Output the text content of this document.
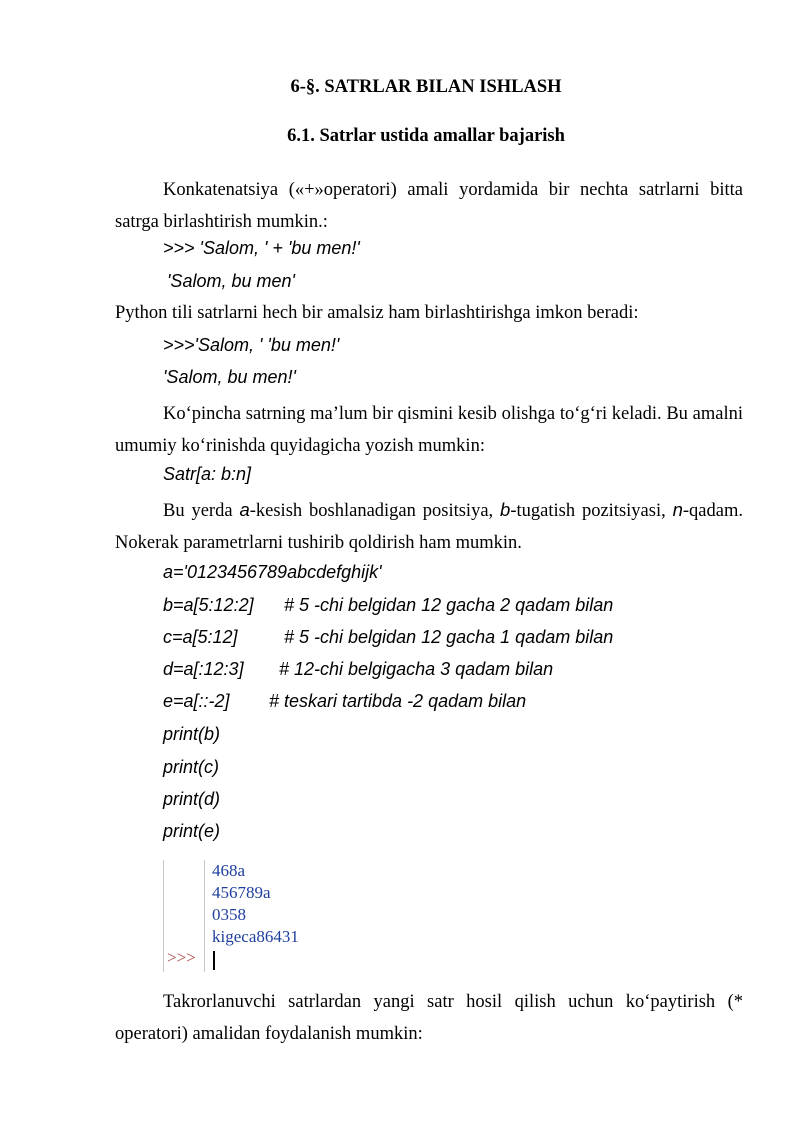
6-§. SATRLAR BILAN ISHLASH
6.1. Satrlar ustida amallar bajarish
Konkatenatsiya («+»operatori) amali yordamida bir nechta satrlarni bitta satrga birlashtirish mumkin.:
>>> 'Salom, ' + 'bu men!'
'Salom, bu men'
Python tili satrlarni hech bir amalsiz ham birlashtirishga imkon beradi:
>>>'Salom, ' 'bu men!'
'Salom, bu men!'
Ko‘pincha satrning ma’lum bir qismini kesib olishga to‘g‘ri keladi. Bu amalni umumiy ko‘rinishda quyidagicha yozish mumkin:
Satr[a: b:n]
Bu yerda a-kesish boshlanadigan positsiya, b-tugatish pozitsiyasi, n-qadam. Nokerak parametrlarni tushirib qoldirish ham mumkin.
a='0123456789abcdefghijk'
b=a[5:12:2] # 5 -chi belgidan 12 gacha 2 qadam bilan
c=a[5:12]	# 5 -chi belgidan 12 gacha 1 qadam bilan
d=a[:12:3] # 12-chi belgigacha 3 qadam bilan
e=a[::-2] # teskari tartibda -2 qadam bilan
print(b)
print(c)
print(d)
print(e)
468a
456789a
0358
kigeca86431
>>>
Takrorlanuvchi satrlardan yangi satr hosil qilish uchun ko‘paytirish (* operatori) amalidan foydalanish mumkin:
